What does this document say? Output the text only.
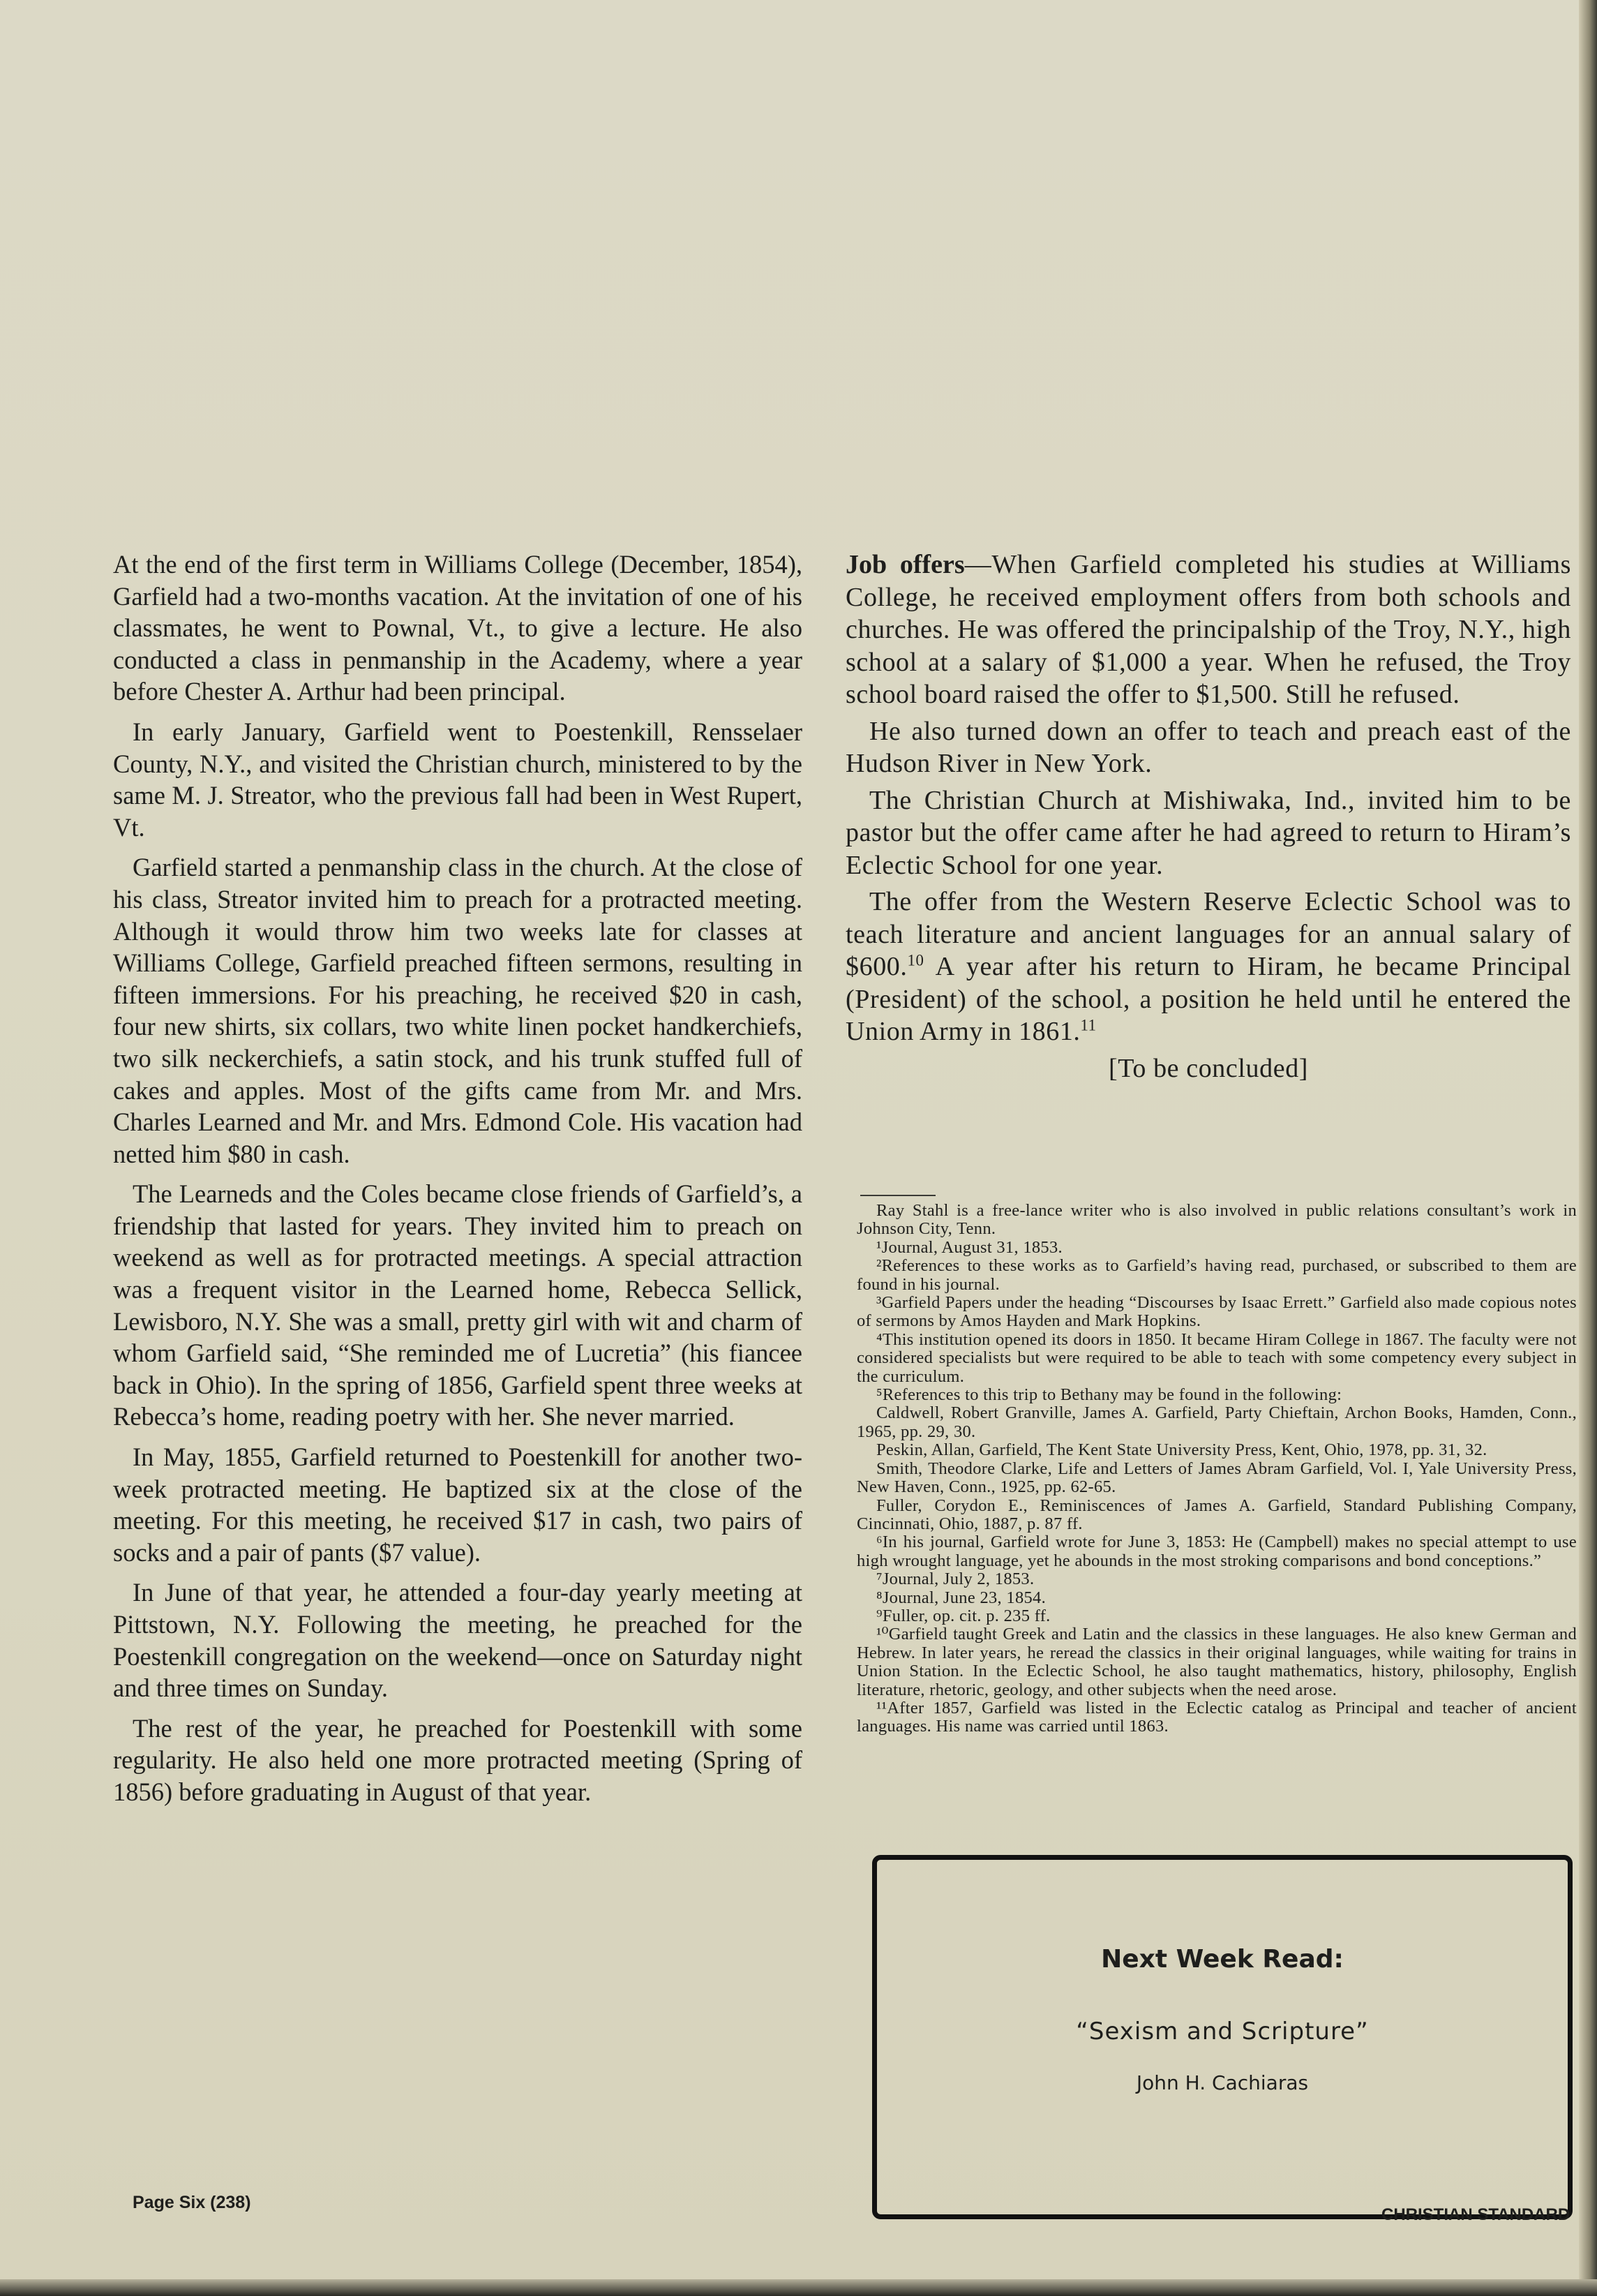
At the end of the first term in Williams College (December, 1854), Garfield had a two-months vacation. At the invitation of one of his classmates, he went to Pownal, Vt., to give a lecture. He also conducted a class in penmanship in the Academy, where a year before Chester A. Arthur had been principal.

In early January, Garfield went to Poestenkill, Rensselaer County, N.Y., and visited the Christian church, ministered to by the same M. J. Streator, who the previous fall had been in West Rupert, Vt.

Garfield started a penmanship class in the church. At the close of his class, Streator invited him to preach for a protracted meeting. Although it would throw him two weeks late for classes at Williams College, Garfield preached fifteen sermons, resulting in fifteen immersions. For his preaching, he received $20 in cash, four new shirts, six collars, two white linen pocket handkerchiefs, two silk neckerchiefs, a satin stock, and his trunk stuffed full of cakes and apples. Most of the gifts came from Mr. and Mrs. Charles Learned and Mr. and Mrs. Edmond Cole. His vacation had netted him $80 in cash.

The Learneds and the Coles became close friends of Garfield’s, a friendship that lasted for years. They invited him to preach on weekend as well as for protracted meetings. A special attraction was a frequent visitor in the Learned home, Rebecca Sellick, Lewisboro, N.Y. She was a small, pretty girl with wit and charm of whom Garfield said, “She reminded me of Lucretia” (his fiancee back in Ohio). In the spring of 1856, Garfield spent three weeks at Rebecca’s home, reading poetry with her. She never married.

In May, 1855, Garfield returned to Poestenkill for another two-week protracted meeting. He baptized six at the close of the meeting. For this meeting, he received $17 in cash, two pairs of socks and a pair of pants ($7 value).

In June of that year, he attended a four-day yearly meeting at Pittstown, N.Y. Following the meeting, he preached for the Poestenkill congregation on the weekend—once on Saturday night and three times on Sunday.

The rest of the year, he preached for Poestenkill with some regularity. He also held one more protracted meeting (Spring of 1856) before graduating in August of that year.

Job offers—When Garfield completed his studies at Williams College, he received employment offers from both schools and churches. He was offered the principalship of the Troy, N.Y., high school at a salary of $1,000 a year. When he refused, the Troy school board raised the offer to $1,500. Still he refused.

He also turned down an offer to teach and preach east of the Hudson River in New York.

The Christian Church at Mishiwaka, Ind., invited him to be pastor but the offer came after he had agreed to return to Hiram’s Eclectic School for one year.

The offer from the Western Reserve Eclectic School was to teach literature and ancient languages for an annual salary of $600.10 A year after his return to Hiram, he became Principal (President) of the school, a position he held until he entered the Union Army in 1861.11

[To be concluded]

Ray Stahl is a free-lance writer who is also involved in public relations consultant’s work in Johnson City, Tenn.

¹Journal, August 31, 1853.

²References to these works as to Garfield’s having read, purchased, or subscribed to them are found in his journal.

³Garfield Papers under the heading “Discourses by Isaac Errett.” Garfield also made copious notes of sermons by Amos Hayden and Mark Hopkins.

⁴This institution opened its doors in 1850. It became Hiram College in 1867. The faculty were not considered specialists but were required to be able to teach with some competency every subject in the curriculum.

⁵References to this trip to Bethany may be found in the following:

Caldwell, Robert Granville, James A. Garfield, Party Chieftain, Archon Books, Hamden, Conn., 1965, pp. 29, 30.

Peskin, Allan, Garfield, The Kent State University Press, Kent, Ohio, 1978, pp. 31, 32.

Smith, Theodore Clarke, Life and Letters of James Abram Garfield, Vol. I, Yale University Press, New Haven, Conn., 1925, pp. 62-65.

Fuller, Corydon E., Reminiscences of James A. Garfield, Standard Publishing Company, Cincinnati, Ohio, 1887, p. 87 ff.

⁶In his journal, Garfield wrote for June 3, 1853: He (Campbell) makes no special attempt to use high wrought language, yet he abounds in the most stroking comparisons and bond conceptions.”

⁷Journal, July 2, 1853.

⁸Journal, June 23, 1854.

⁹Fuller, op. cit. p. 235 ff.

¹⁰Garfield taught Greek and Latin and the classics in these languages. He also knew German and Hebrew. In later years, he reread the classics in their original languages, while waiting for trains in Union Station. In the Eclectic School, he also taught mathematics, history, philosophy, English literature, rhetoric, geology, and other subjects when the need arose.

¹¹After 1857, Garfield was listed in the Eclectic catalog as Principal and teacher of ancient languages. His name was carried until 1863.

Next Week Read:
“Sexism and Scripture”
John H. Cachiaras
Page Six (238)
CHRISTIAN STANDARD
